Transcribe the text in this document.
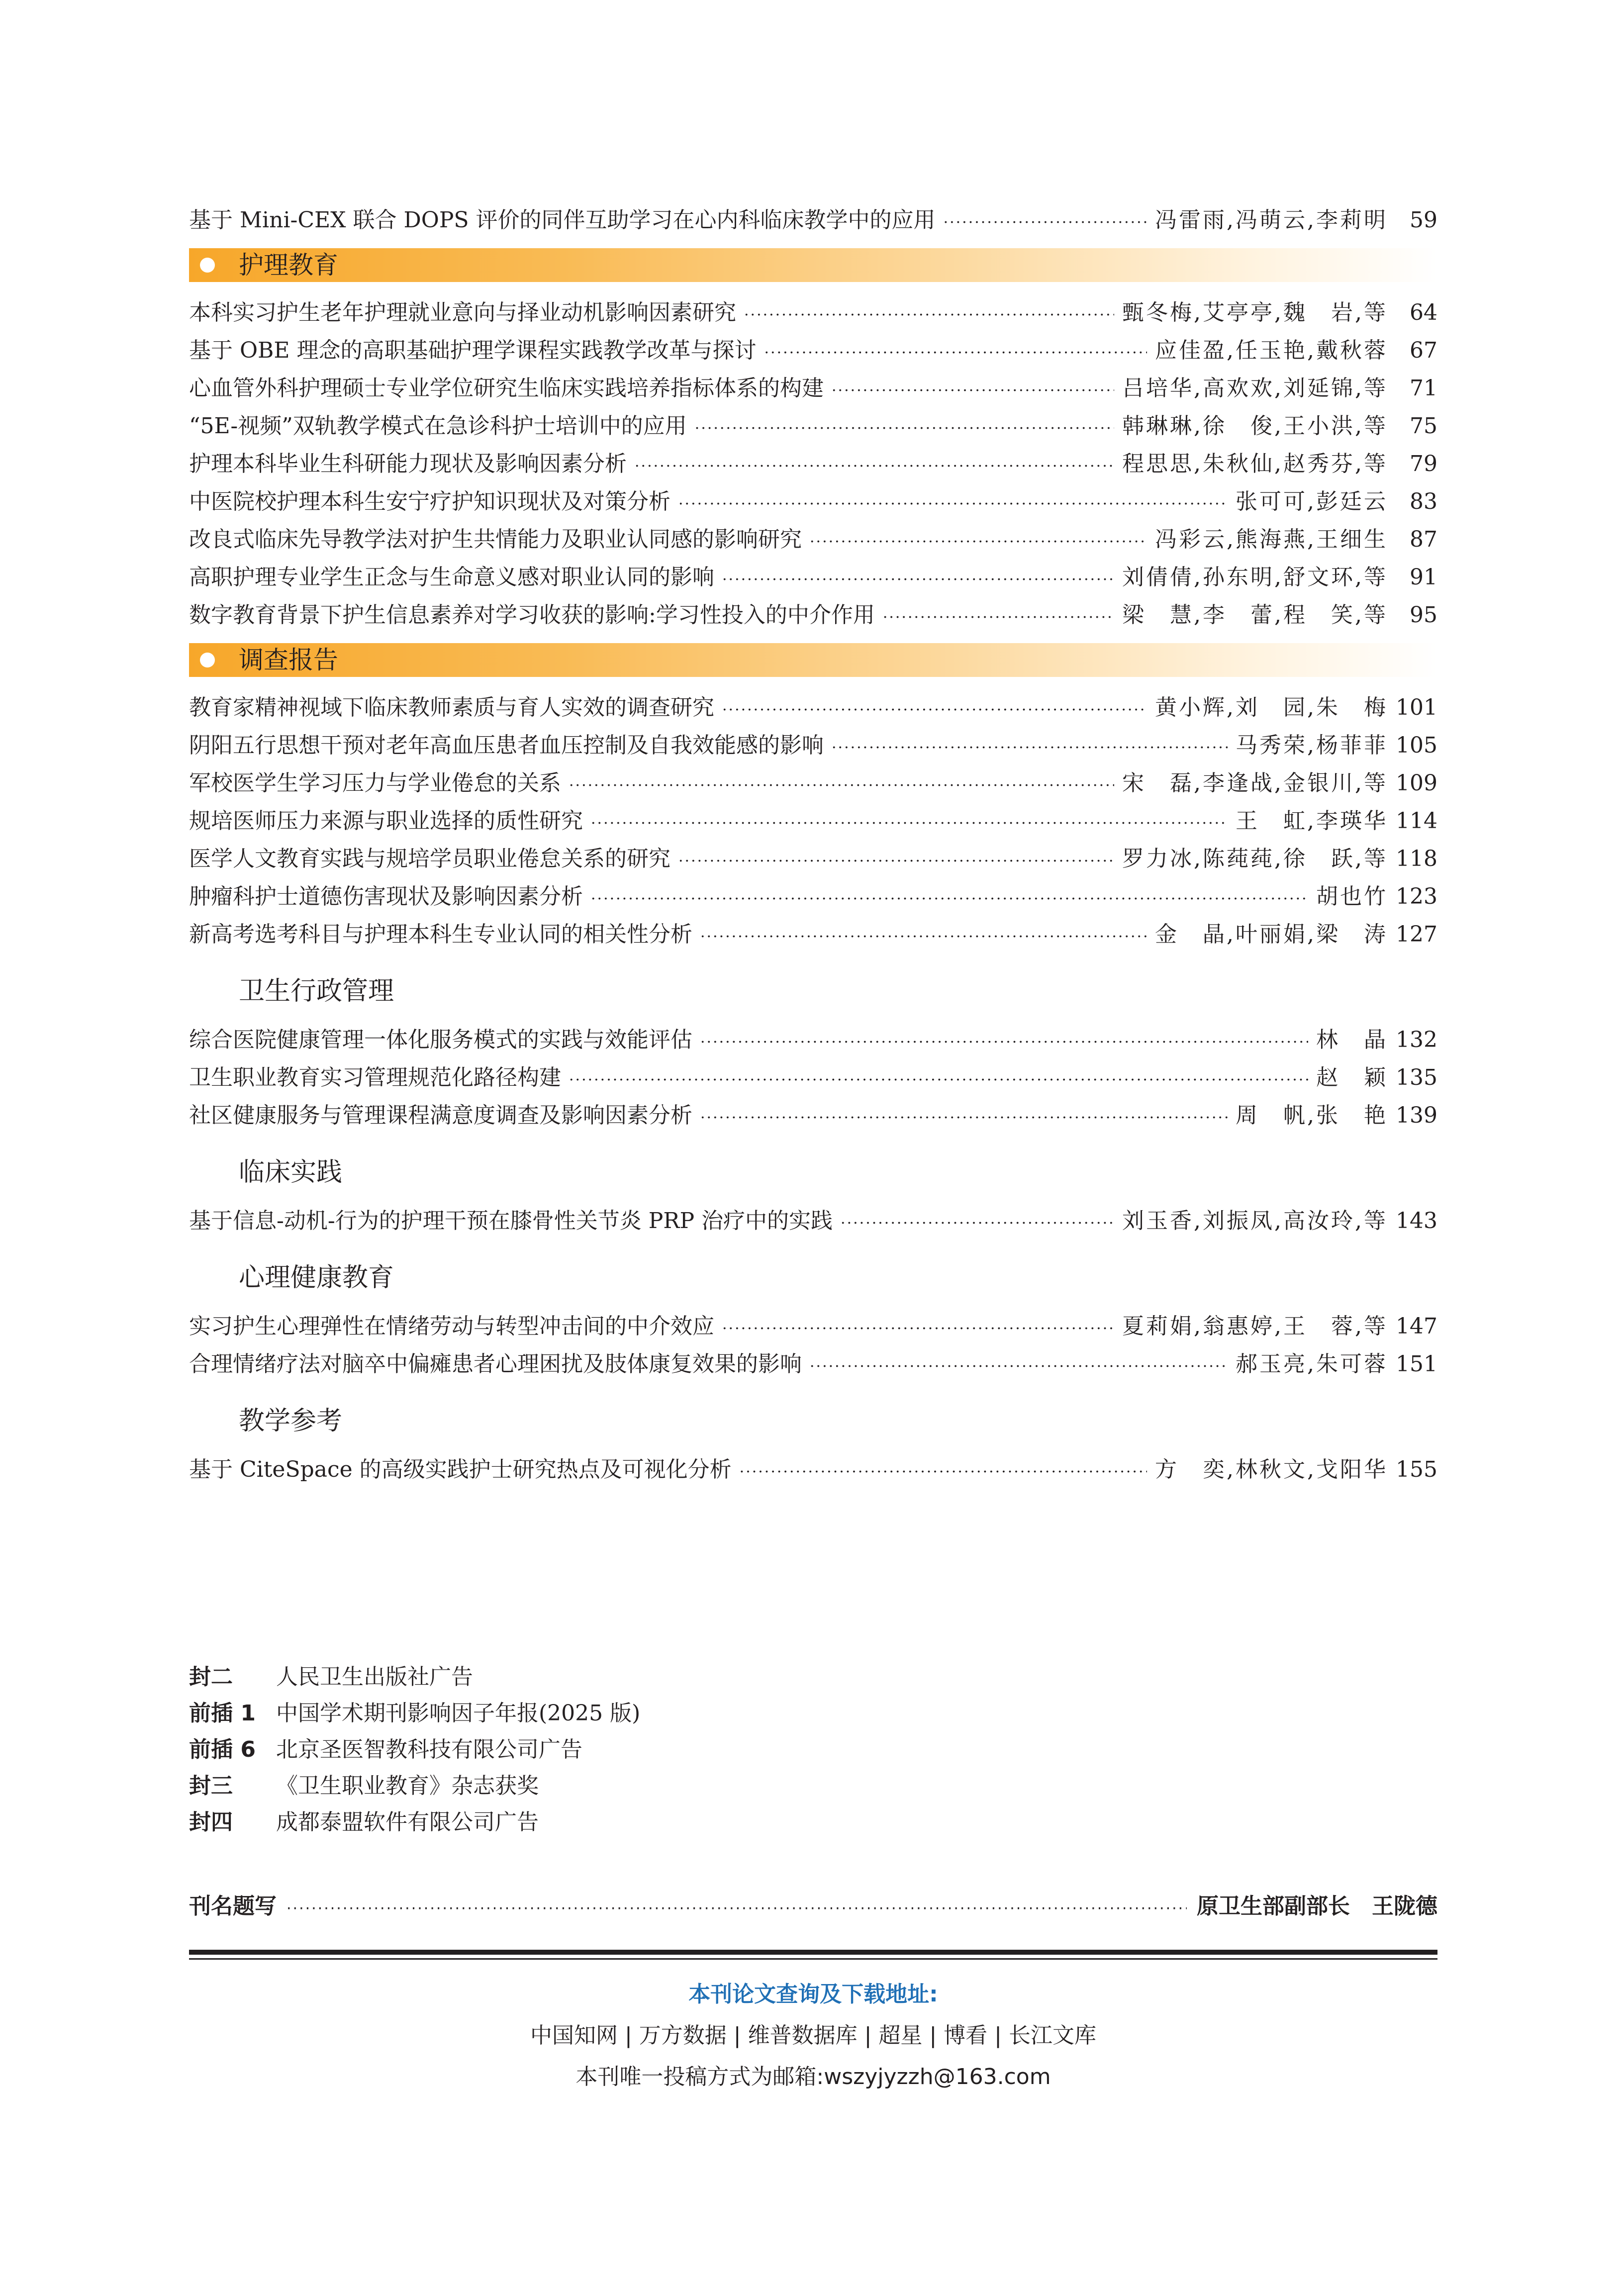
基于 Mini-CEX 联合 DOPS 评价的同伴互助学习在心内科临床教学中的应用 ·····	冯雷雨,冯萌云,李莉明	59
护理教育
本科实习护生老年护理就业意向与择业动机影响因素研究 ·····	甄冬梅,艾亭亭,魏　岩,等	64
基于 OBE 理念的高职基础护理学课程实践教学改革与探讨 ·····	应佳盈,任玉艳,戴秋蓉	67
心血管外科护理硕士专业学位研究生临床实践培养指标体系的构建 ·····	吕培华,高欢欢,刘延锦,等	71
“5E-视频”双轨教学模式在急诊科护士培训中的应用 ·····	韩琳琳,徐　俊,王小洪,等	75
护理本科毕业生科研能力现状及影响因素分析 ·····	程思思,朱秋仙,赵秀芬,等	79
中医院校护理本科生安宁疗护知识现状及对策分析 ·····	张可可,彭廷云	83
改良式临床先导教学法对护生共情能力及职业认同感的影响研究 ·····	冯彩云,熊海燕,王细生	87
高职护理专业学生正念与生命意义感对职业认同的影响 ·····	刘倩倩,孙东明,舒文环,等	91
数字教育背景下护生信息素养对学习收获的影响:学习性投入的中介作用 ·····	梁　慧,李　蕾,程　笑,等	95
调查报告
教育家精神视域下临床教师素质与育人实效的调查研究 ·····	黄小辉,刘　园,朱　梅 101
阴阳五行思想干预对老年高血压患者血压控制及自我效能感的影响 ·····	马秀荣,杨菲菲 105
军校医学生学习压力与学业倦怠的关系 ·····	宋　磊,李逢战,金银川,等 109
规培医师压力来源与职业选择的质性研究 ·····	王　虹,李瑛华 114
医学人文教育实践与规培学员职业倦怠关系的研究 ·····	罗力冰,陈莼莼,徐　跃,等 118
肿瘤科护士道德伤害现状及影响因素分析 ·····	胡也竹 123
新高考选考科目与护理本科生专业认同的相关性分析 ·····	金　晶,叶丽娟,梁　涛 127
卫生行政管理
综合医院健康管理一体化服务模式的实践与效能评估 ·····	林　晶 132
卫生职业教育实习管理规范化路径构建 ·····	赵　颖 135
社区健康服务与管理课程满意度调查及影响因素分析 ·····	周　帆,张　艳 139
临床实践
基于信息-动机-行为的护理干预在膝骨性关节炎 PRP 治疗中的实践 ·····	刘玉香,刘振凤,高汝玲,等 143
心理健康教育
实习护生心理弹性在情绪劳动与转型冲击间的中介效应 ·····	夏莉娟,翁惠婷,王　蓉,等 147
合理情绪疗法对脑卒中偏瘫患者心理困扰及肢体康复效果的影响 ·····	郝玉亮,朱可蓉 151
教学参考
基于 CiteSpace 的高级实践护士研究热点及可视化分析 ·····	方　奕,林秋文,戈阳华 155
封二 人民卫生出版社广告
前插 1 中国学术期刊影响因子年报(2025 版)
前插 6 北京圣医智教科技有限公司广告
封三 《卫生职业教育》杂志获奖
封四 成都泰盟软件有限公司广告
刊名题写 ·····	原卫生部副部长　王陇德
本刊论文查询及下载地址:
中国知网 | 万方数据 | 维普数据库 | 超星 | 博看 | 长江文库
本刊唯一投稿方式为邮箱:wszyjyzzh@163.com
